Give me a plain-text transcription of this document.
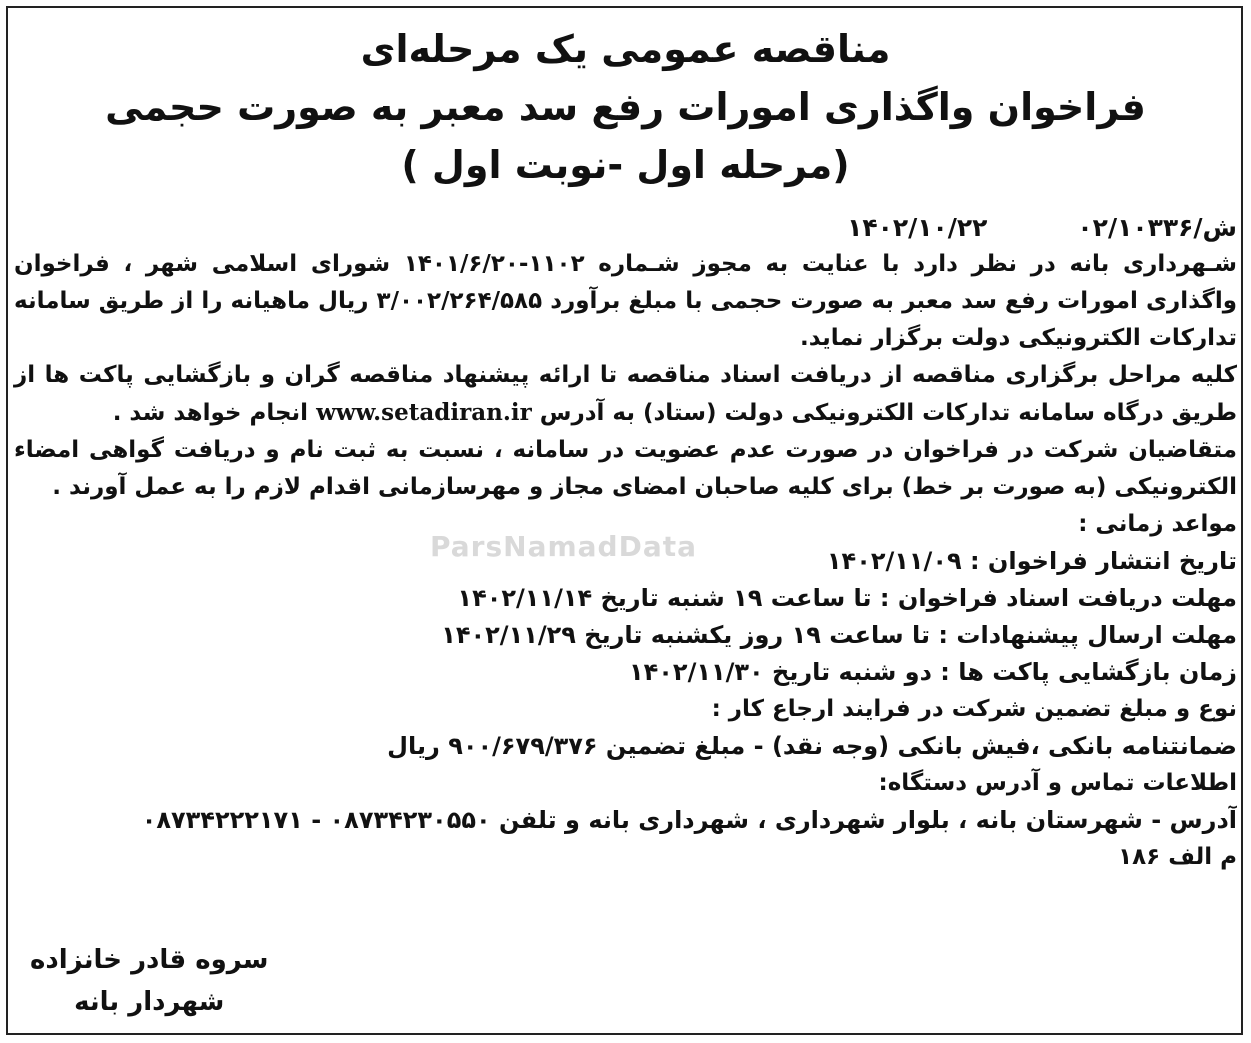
ParsNamadData

مناقصه عمومی یک مرحله‌ای

فراخوان واگذاری امورات رفع سد معبر به صورت حجمی

(مرحله اول -نوبت اول )

۱۴۰۲/۱۰/۲۲	۰۲/۱۰۳۳۶/ش

شـهرداری بانه در نظر دارد با عنایت به مجوز شـماره ۱۱۰۲-۱۴۰۱/۶/۲۰ شورای اسلامی شهر ، فراخوان واگذاری امورات رفع سد معبر به صورت حجمی با مبلغ برآورد ۳/۰۰۲/۲۶۴/۵۸۵ ریال ماهیانه را از طریق سامانه تدارکات الکترونیکی دولت برگزار نماید.

کلیه مراحل برگزاری مناقصه از دریافت اسناد مناقصه تا ارائه پیشنهاد مناقصه گران و بازگشایی پاکت ها از طریق درگاه سامانه تدارکات الکترونیکی دولت (ستاد) به آدرس www.setadiran.ir انجام خواهد شد .

متقاضیان شرکت در فراخوان در صورت عدم عضویت در سامانه ، نسبت به ثبت نام و دریافت گواهی امضاء الکترونیکی (به صورت بر خط) برای کلیه صاحبان امضای مجاز و مهرسازمانی اقدام لازم را به عمل آورند .

مواعد زمانی :
تاریخ انتشار فراخوان : ۱۴۰۲/۱۱/۰۹
مهلت دریافت اسناد فراخوان : تا ساعت ۱۹ شنبه تاریخ ۱۴۰۲/۱۱/۱۴
مهلت ارسال پیشنهادات : تا ساعت ۱۹ روز یکشنبه تاریخ ۱۴۰۲/۱۱/۲۹
زمان بازگشایی پاکت ها : دو شنبه تاریخ ۱۴۰۲/۱۱/۳۰
نوع و مبلغ تضمین شرکت در فرایند ارجاع کار :
ضمانتنامه بانکی ،فیش بانکی (وجه نقد) - مبلغ تضمین ۹۰۰/۶۷۹/۳۷۶ ریال
اطلاعات تماس و آدرس دستگاه:
آدرس - شهرستان بانه ، بلوار شهرداری ، شهرداری بانه و تلفن ۰۸۷۳۴۲۳۰۵۵۰ - ۰۸۷۳۴۲۲۲۱۷۱
م الف ۱۸۶
سروه قادر خانزاده
شهردار بانه
